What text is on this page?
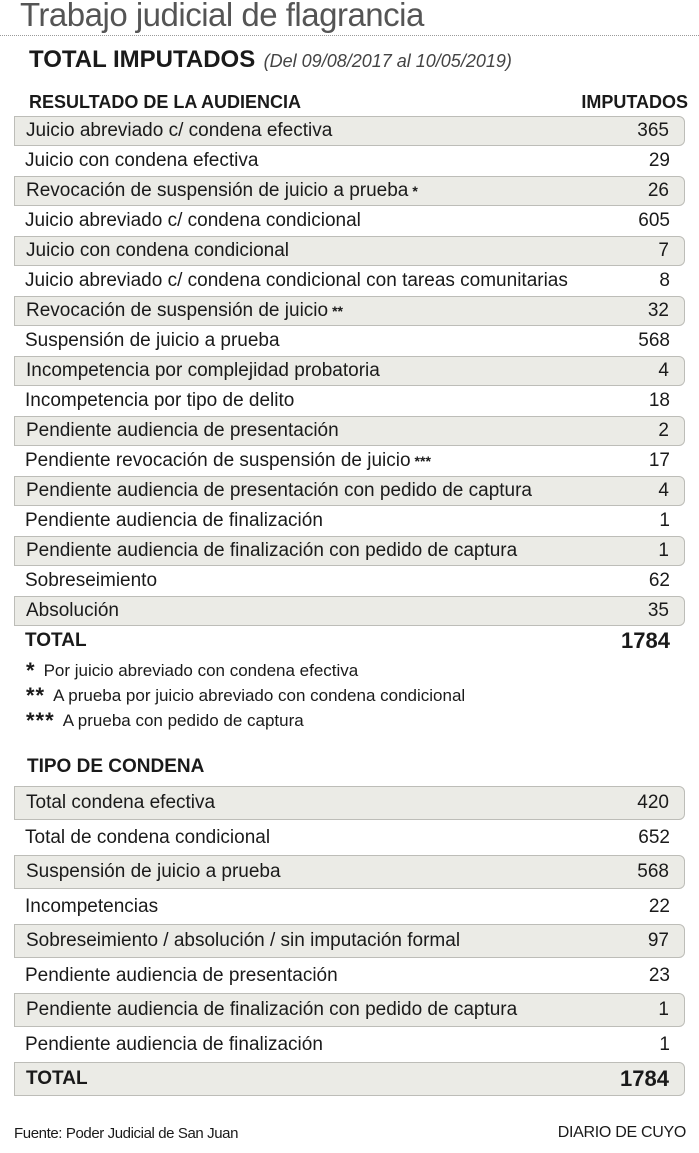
Trabajo judicial de flagrancia
TOTAL IMPUTADOS (Del 09/08/2017 al 10/05/2019)
RESULTADO DE LA AUDIENCIA	IMPUTADOS
Juicio abreviado c/ condena efectiva	365
Juicio con condena efectiva	29
Revocación de suspensión de juicio a prueba *	26
Juicio abreviado c/ condena condicional	605
Juicio con condena condicional	7
Juicio abreviado c/ condena condicional con tareas comunitarias	8
Revocación de suspensión de juicio **	32
Suspensión de juicio a prueba	568
Incompetencia por complejidad probatoria	4
Incompetencia por tipo de delito	18
Pendiente audiencia de presentación	2
Pendiente revocación de suspensión de juicio ***	17
Pendiente audiencia de presentación con pedido de captura	4
Pendiente audiencia de finalización	1
Pendiente audiencia de finalización con pedido de captura	1
Sobreseimiento	62
Absolución	35
TOTAL	1784
* Por juicio abreviado con condena efectiva
** A prueba por juicio abreviado con condena condicional
*** A prueba con pedido de captura
TIPO DE CONDENA
Total condena efectiva	420
Total de condena condicional	652
Suspensión de juicio a prueba	568
Incompetencias	22
Sobreseimiento / absolución / sin imputación formal	97
Pendiente audiencia de presentación	23
Pendiente audiencia de finalización con pedido de captura	1
Pendiente audiencia de finalización	1
TOTAL	1784
Fuente: Poder Judicial de San Juan	DIARIO DE CUYO
